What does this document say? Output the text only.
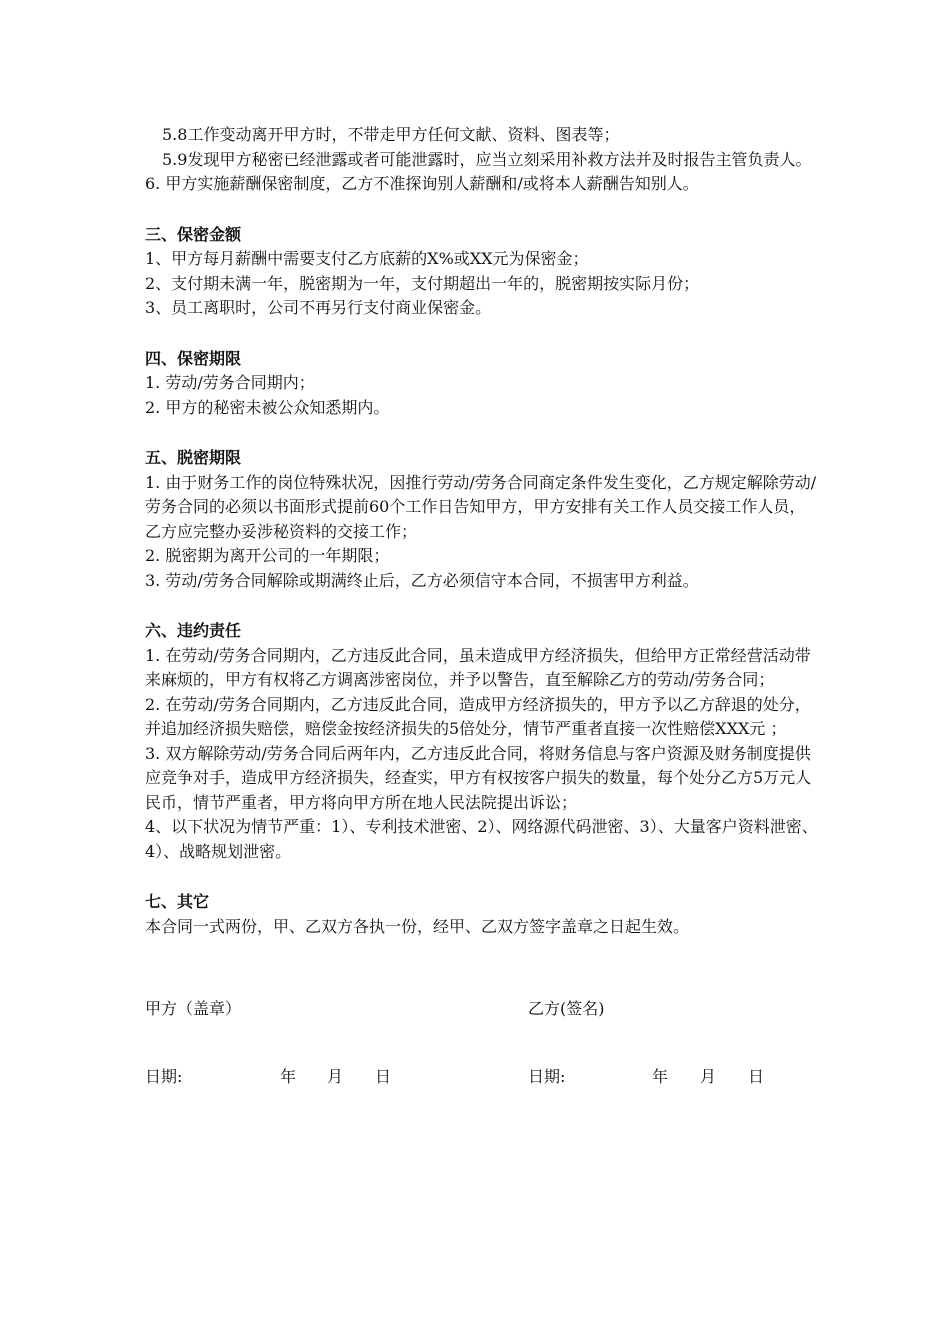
5.8工作变动离开甲方时，不带走甲方任何文献、资料、图表等；

5.9发现甲方秘密已经泄露或者可能泄露时，应当立刻采用补救方法并及时报告主管负责人。

6. 甲方实施薪酬保密制度，乙方不准探询别人薪酬和/或将本人薪酬告知别人。

三、保密金额

1、甲方每月薪酬中需要支付乙方底薪的X%或XX元为保密金；

2、支付期未满一年，脱密期为一年，支付期超出一年的，脱密期按实际月份；

3、员工离职时，公司不再另行支付商业保密金。

四、保密期限

1. 劳动/劳务合同期内；

2. 甲方的秘密未被公众知悉期内。

五、脱密期限

1. 由于财务工作的岗位特殊状况，因推行劳动/劳务合同商定条件发生变化，乙方规定解除劳动/劳务合同的必须以书面形式提前60个工作日告知甲方，甲方安排有关工作人员交接工作人员，乙方应完整办妥涉秘资料的交接工作；

2. 脱密期为离开公司的一年期限；

3. 劳动/劳务合同解除或期满终止后，乙方必须信守本合同，不损害甲方利益。

六、违约责任

1. 在劳动/劳务合同期内，乙方违反此合同，虽未造成甲方经济损失，但给甲方正常经营活动带来麻烦的，甲方有权将乙方调离涉密岗位，并予以警告，直至解除乙方的劳动/劳务合同；

2. 在劳动/劳务合同期内，乙方违反此合同，造成甲方经济损失的，甲方予以乙方辞退的处分，并追加经济损失赔偿，赔偿金按经济损失的5倍处分，情节严重者直接一次性赔偿XXX元 ；

3. 双方解除劳动/劳务合同后两年内，乙方违反此合同，将财务信息与客户资源及财务制度提供应竞争对手，造成甲方经济损失，经查实，甲方有权按客户损失的数量，每个处分乙方5万元人民币，情节严重者，甲方将向甲方所在地人民法院提出诉讼；

4、以下状况为情节严重：1）、专利技术泄密、2）、网络源代码泄密、3）、大量客户资料泄密、4）、战略规划泄密。

七、其它

本合同一式两份，甲、乙双方各执一份，经甲、乙双方签字盖章之日起生效。

甲方（盖章）	乙方(签名)
日期:	年 月 日	日期:	年 月 日
